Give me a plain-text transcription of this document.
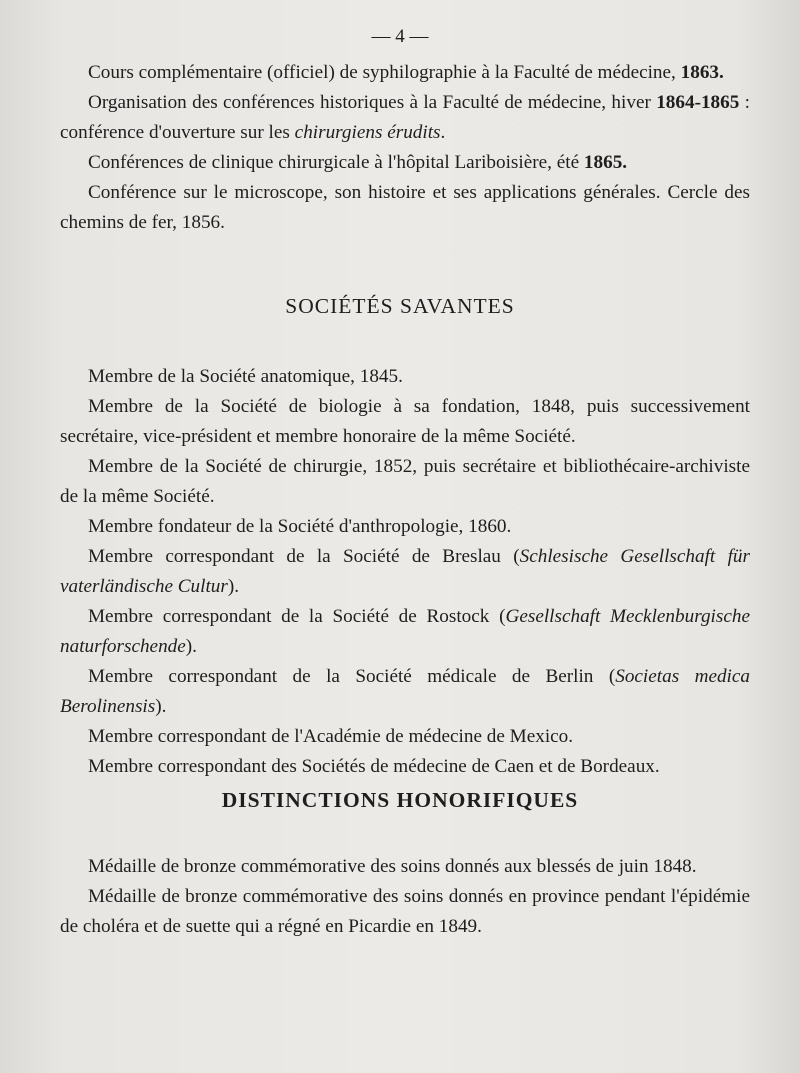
— 4 —

Cours complémentaire (officiel) de syphilographie à la Faculté de médecine, 1863.

Organisation des conférences historiques à la Faculté de médecine, hiver 1864-1865 : conférence d'ouverture sur les chirurgiens érudits.

Conférences de clinique chirurgicale à l'hôpital Lariboisière, été 1865.

Conférence sur le microscope, son histoire et ses applications générales. Cercle des chemins de fer, 1856.

SOCIÉTÉS SAVANTES

Membre de la Société anatomique, 1845.

Membre de la Société de biologie à sa fondation, 1848, puis successivement secrétaire, vice-président et membre honoraire de la même Société.

Membre de la Société de chirurgie, 1852, puis secrétaire et bibliothécaire-archiviste de la même Société.

Membre fondateur de la Société d'anthropologie, 1860.

Membre correspondant de la Société de Breslau (Schlesische Gesellschaft für vaterländische Cultur).

Membre correspondant de la Société de Rostock (Gesellschaft Mecklenburgische naturforschende).

Membre correspondant de la Société médicale de Berlin (Societas medica Berolinensis).

Membre correspondant de l'Académie de médecine de Mexico.

Membre correspondant des Sociétés de médecine de Caen et de Bordeaux.

DISTINCTIONS HONORIFIQUES

Médaille de bronze commémorative des soins donnés aux blessés de juin 1848.

Médaille de bronze commémorative des soins donnés en province pendant l'épidémie de choléra et de suette qui a régné en Picardie en 1849.
